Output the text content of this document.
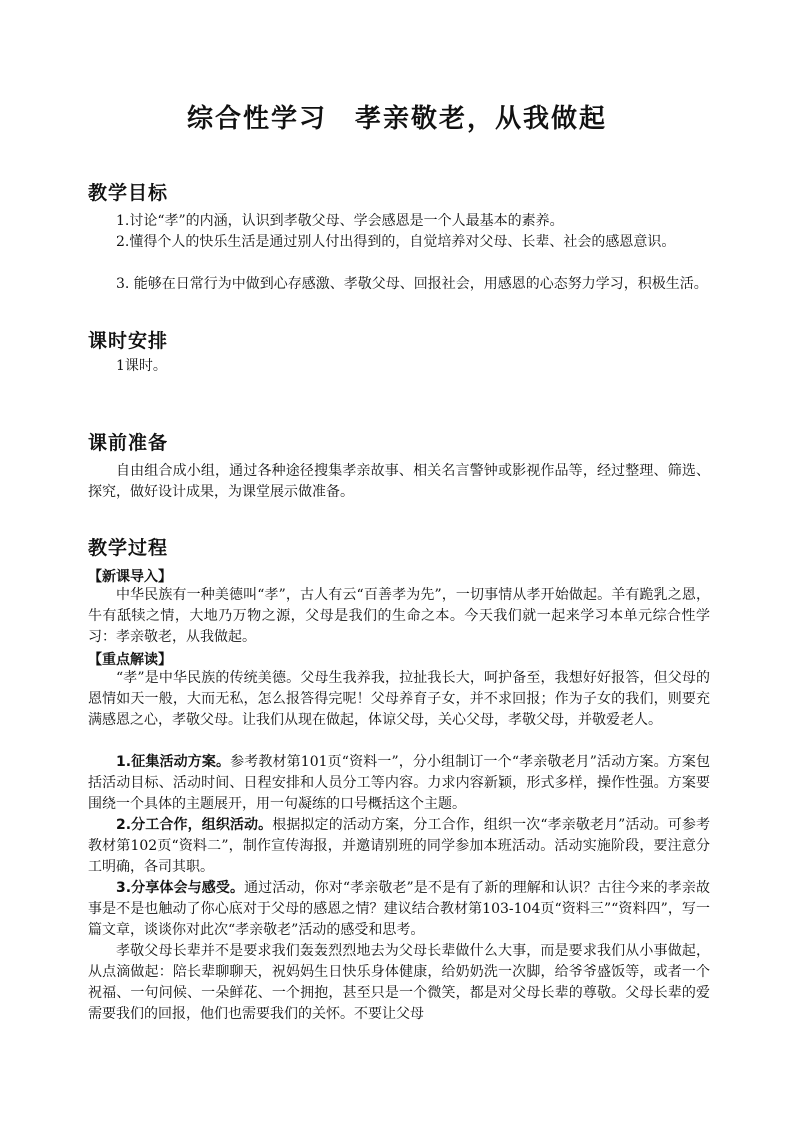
综合性学习　孝亲敬老，从我做起
教学目标
1.讨论“孝”的内涵，认识到孝敬父母、学会感恩是一个人最基本的素养。
2.懂得个人的快乐生活是通过别人付出得到的，自觉培养对父母、长辈、社会的感恩意识。
3. 能够在日常行为中做到心存感激、孝敬父母、回报社会，用感恩的心态努力学习，积极生活。
课时安排
1课时。
课前准备
自由组合成小组，通过各种途径搜集孝亲故事、相关名言警钟或影视作品等，经过整理、筛选、探究，做好设计成果，为课堂展示做准备。
教学过程
【新课导入】
中华民族有一种美德叫“孝”，古人有云“百善孝为先”，一切事情从孝开始做起。羊有跪乳之恩，牛有舐犊之情，大地乃万物之源，父母是我们的生命之本。今天我们就一起来学习本单元综合性学习：孝亲敬老，从我做起。
【重点解读】
“孝”是中华民族的传统美德。父母生我养我，拉扯我长大，呵护备至，我想好好报答，但父母的恩情如天一般，大而无私，怎么报答得完呢！父母养育子女，并不求回报；作为子女的我们，则要充满感恩之心，孝敬父母。让我们从现在做起，体谅父母，关心父母，孝敬父母，并敬爱老人。
1.征集活动方案。参考教材第101页“资料一”，分小组制订一个“孝亲敬老月”活动方案。方案包括活动目标、活动时间、日程安排和人员分工等内容。力求内容新颖，形式多样，操作性强。方案要围绕一个具体的主题展开，用一句凝练的口号概括这个主题。
2.分工合作，组织活动。根据拟定的活动方案，分工合作，组织一次“孝亲敬老月”活动。可参考教材第102页“资料二”，制作宣传海报，并邀请别班的同学参加本班活动。活动实施阶段，要注意分工明确，各司其职。
3.分享体会与感受。通过活动，你对“孝亲敬老”是不是有了新的理解和认识？古往今来的孝亲故事是不是也触动了你心底对于父母的感恩之情？建议结合教材第103-104页“资料三”“资料四”，写一篇文章，谈谈你对此次“孝亲敬老”活动的感受和思考。
孝敬父母长辈并不是要求我们轰轰烈烈地去为父母长辈做什么大事，而是要求我们从小事做起，从点滴做起：陪长辈聊聊天，祝妈妈生日快乐身体健康，给奶奶洗一次脚，给爷爷盛饭等，或者一个祝福、一句问候、一朵鲜花、一个拥抱，甚至只是一个微笑，都是对父母长辈的尊敬。父母长辈的爱需要我们的回报，他们也需要我们的关怀。不要让父母
